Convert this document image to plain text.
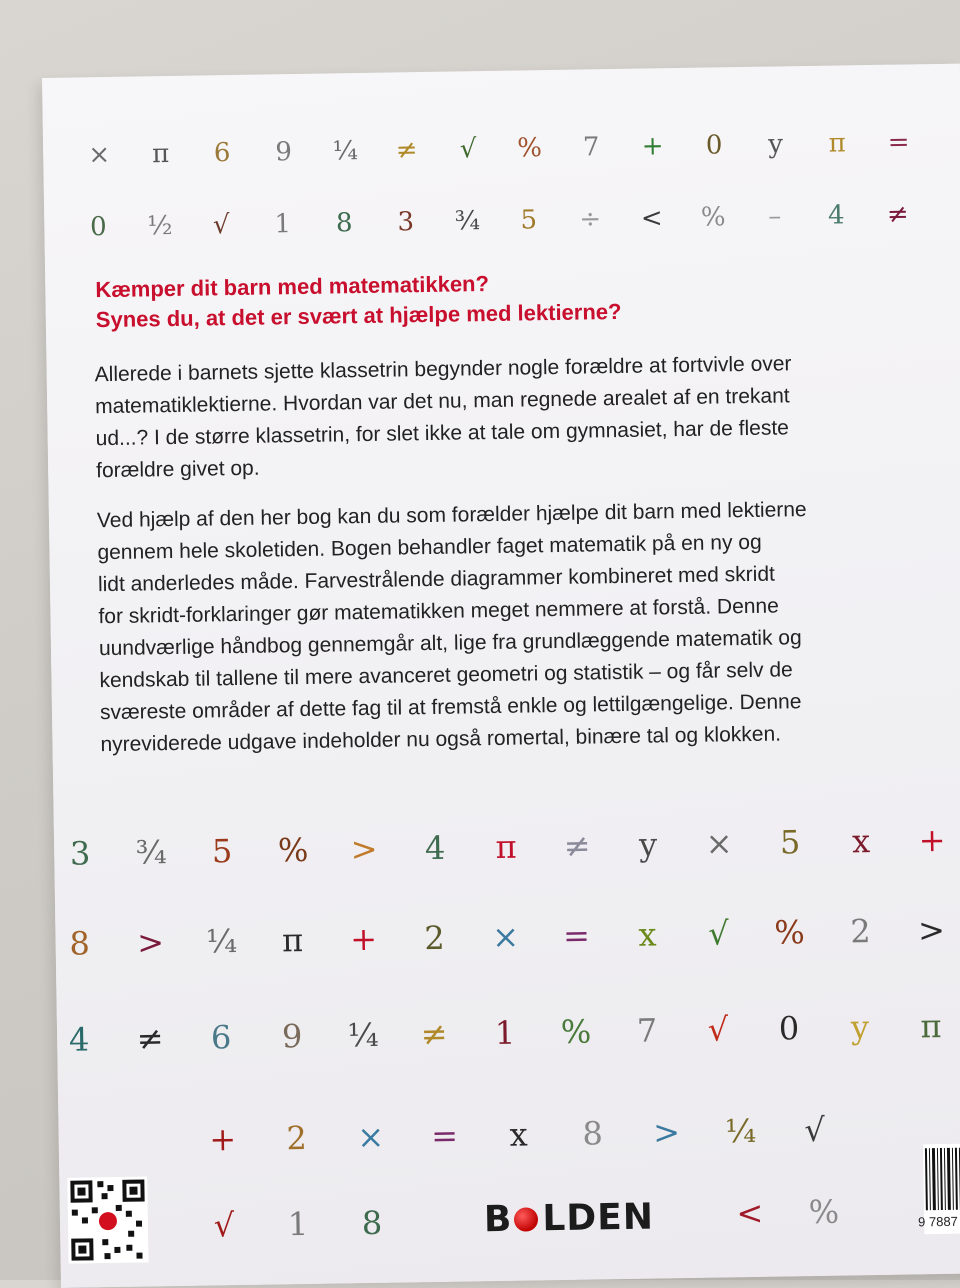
× π 6 9 ¼ ≠ √ % 7 + 0 y π =
0 ½ √ 1 8 3 ¾ 5 ÷ < % – 4 ≠
Kæmper dit barn med matematikken?
Synes du, at det er svært at hjælpe med lektierne?
Allerede i barnets sjette klassetrin begynder nogle forældre at fortvivle over
matematiklektierne. Hvordan var det nu, man regnede arealet af en trekant
ud...? I de større klassetrin, for slet ikke at tale om gymnasiet, har de fleste
forældre givet op.
Ved hjælp af den her bog kan du som forælder hjælpe dit barn med lektierne
gennem hele skoletiden. Bogen behandler faget matematik på en ny og
lidt anderledes måde. Farvestrålende diagrammer kombineret med skridt
for skridt-forklaringer gør matematikken meget nemmere at forstå. Denne
uundværlige håndbog gennemgår alt, lige fra grundlæggende matematik og
kendskab til tallene til mere avanceret geometri og statistik – og får selv de
sværeste områder af dette fag til at fremstå enkle og lettilgængelige. Denne
nyreviderede udgave indeholder nu også romertal, binære tal og klokken.
3 ¾ 5 % > 4 π ≠ y × 5 x +
8 > ¼ π + 2 × = x √ % 2 >
4 ≠ 6 9 ¼ ≠ 1 % 7 √ 0 y π
+ 2 × = x 8 > ¼ √
√ 1 8	< %
B LDEN	9 7887
